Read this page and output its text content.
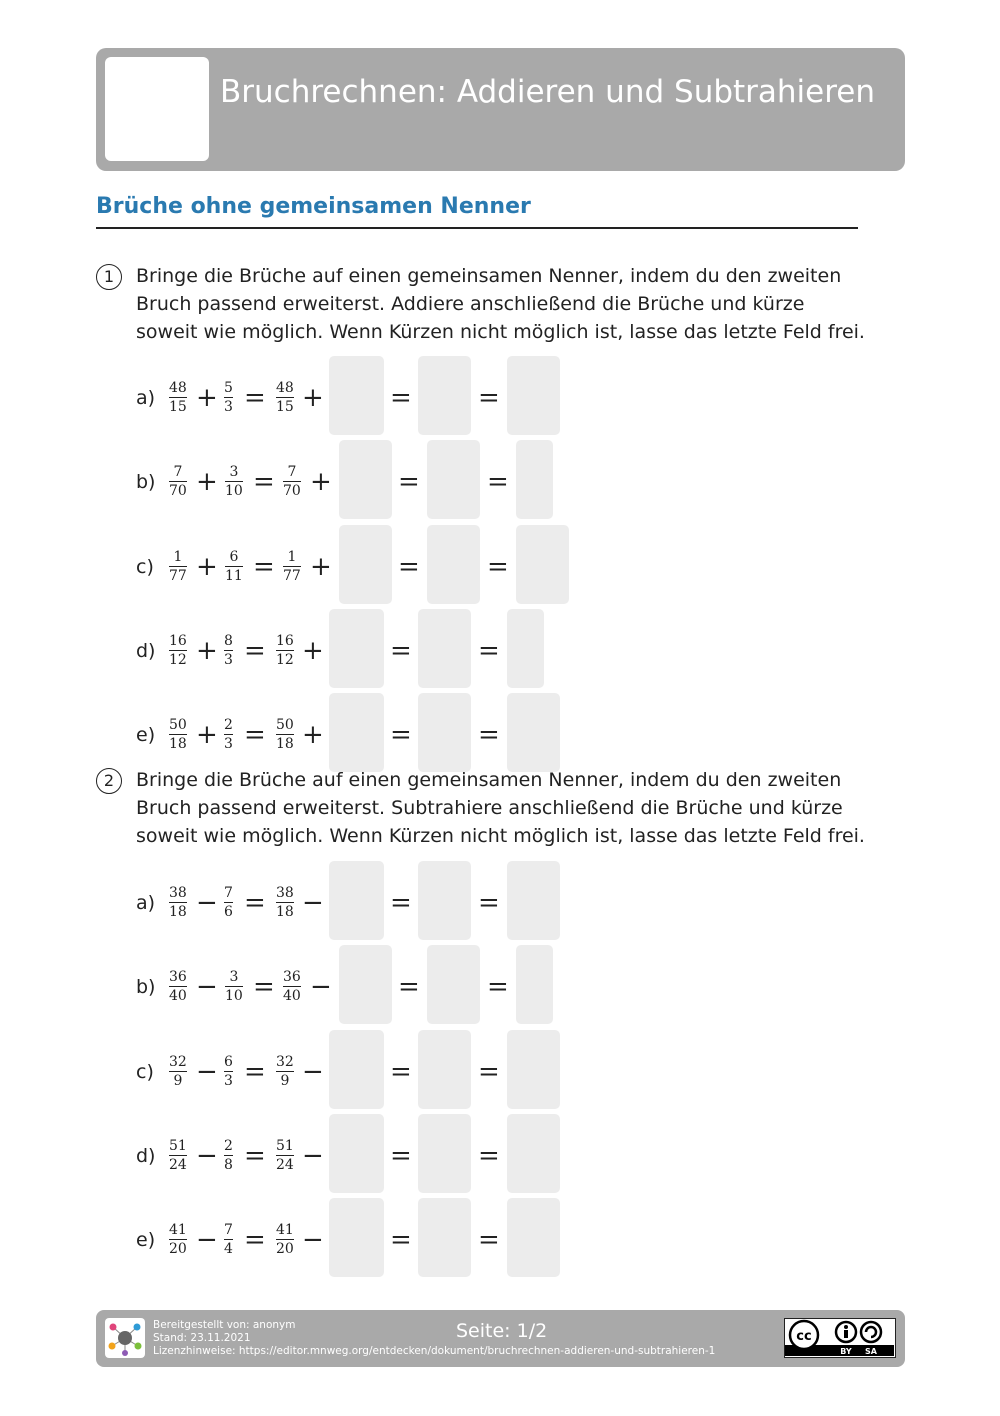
Bruchrechnen: Addieren und Subtrahieren
Brüche ohne gemeinsamen Nenner
1	Bringe die Brüche auf einen gemeinsamen Nenner, indem du den zweiten Bruch passend erweiterst. Addiere anschließend die Brüche und kürze soweit wie möglich. Wenn Kürzen nicht möglich ist, lasse das letzte Feld frei.
a) 48
15 + 5
3 = 48
15 +	=	=
b) 7
70 + 3
10 = 7
70 +	=	=
c) 1
77 + 6
11 = 1
77 +	=	=
d) 16
12 + 8
3 = 16
12 +	=	=
e) 50
18 + 2
3 = 50
18 +	=	=
2	Bringe die Brüche auf einen gemeinsamen Nenner, indem du den zweiten Bruch passend erweiterst. Subtrahiere anschließend die Brüche und kürze soweit wie möglich. Wenn Kürzen nicht möglich ist, lasse das letzte Feld frei.
a) 38
18 − 7
6 = 38
18 −	=	=
b) 36
40 − 3
10 = 36
40 −	=	=
c) 32
9 − 6
3 = 32
9 −	=	=
d) 51
24 − 2
8 = 51
24 −	=	=
e) 41
20 − 7
4 = 41
20 −	=	=
Bereitgestellt von: anonym
Stand: 23.11.2021
Lizenzhinweise: https://editor.mnweg.org/entdecken/dokument/bruchrechnen-addieren-und-subtrahieren-1
Seite: 1/2	cc
BY SA
